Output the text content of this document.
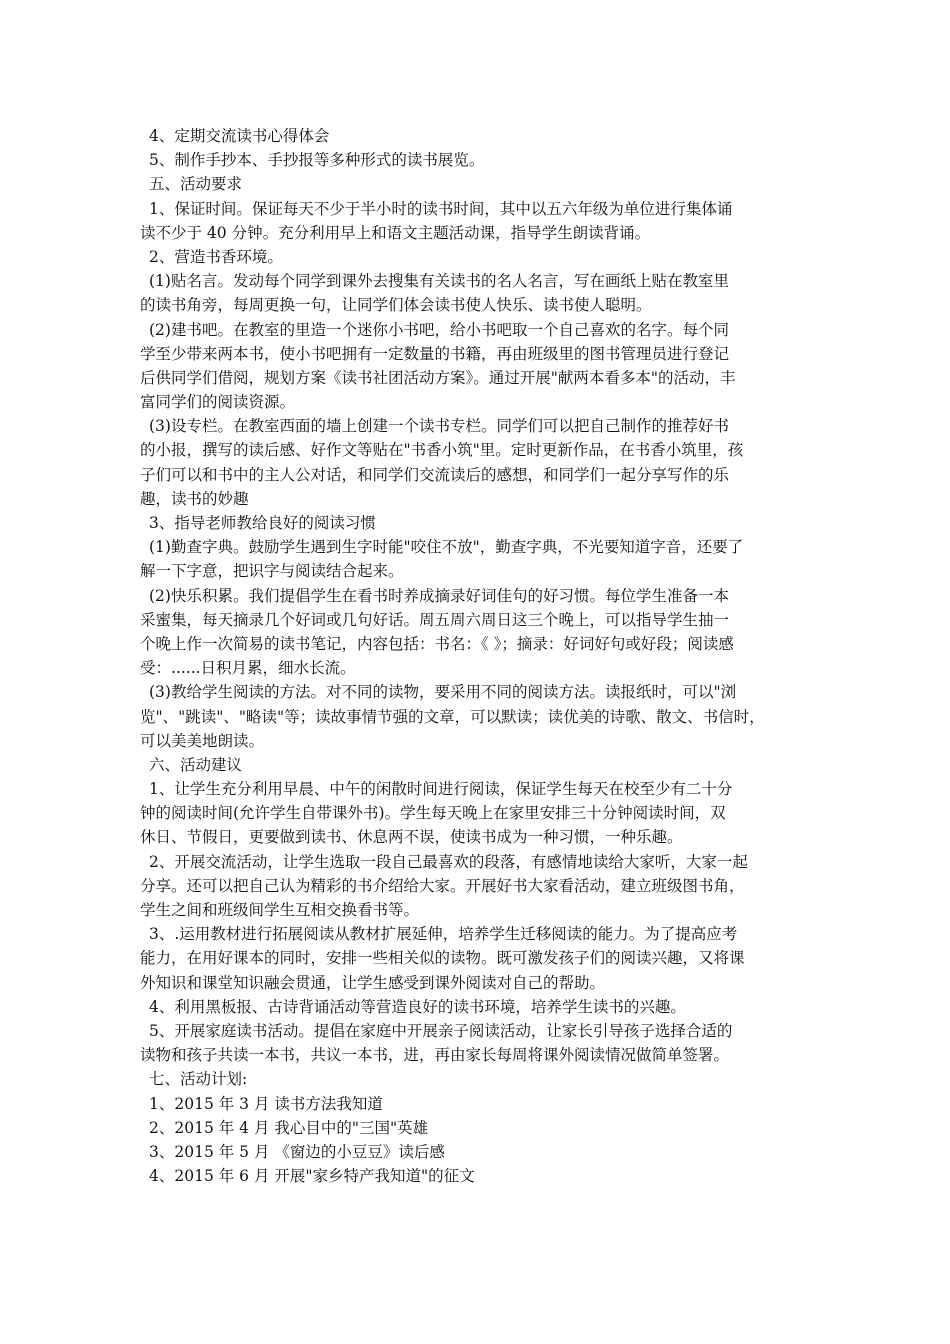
4、定期交流读书心得体会
5、制作手抄本、手抄报等多种形式的读书展览。
五、活动要求
1、保证时间。保证每天不少于半小时的读书时间，其中以五六年级为单位进行集体诵
读不少于 40 分钟。充分利用早上和语文主题活动课，指导学生朗读背诵。
2、营造书香环境。
(1)贴名言。发动每个同学到课外去搜集有关读书的名人名言，写在画纸上贴在教室里
的读书角旁，每周更换一句，让同学们体会读书使人快乐、读书使人聪明。
(2)建书吧。在教室的里造一个迷你小书吧，给小书吧取一个自己喜欢的名字。每个同
学至少带来两本书，使小书吧拥有一定数量的书籍，再由班级里的图书管理员进行登记
后供同学们借阅，规划方案《读书社团活动方案》。通过开展"献两本看多本"的活动，丰
富同学们的阅读资源。
(3)设专栏。在教室西面的墙上创建一个读书专栏。同学们可以把自己制作的推荐好书
的小报，撰写的读后感、好作文等贴在"书香小筑"里。定时更新作品，在书香小筑里，孩
子们可以和书中的主人公对话，和同学们交流读后的感想，和同学们一起分享写作的乐
趣，读书的妙趣
3、指导老师教给良好的阅读习惯
(1)勤查字典。鼓励学生遇到生字时能"咬住不放"，勤查字典，不光要知道字音，还要了
解一下字意，把识字与阅读结合起来。
(2)快乐积累。我们提倡学生在看书时养成摘录好词佳句的好习惯。每位学生准备一本
采蜜集，每天摘录几个好词或几句好话。周五周六周日这三个晚上，可以指导学生抽一
个晚上作一次简易的读书笔记，内容包括：书名：《 》；摘录：好词好句或好段；阅读感
受：......日积月累，细水长流。
(3)教给学生阅读的方法。对不同的读物，要采用不同的阅读方法。读报纸时，可以"浏
览"、"跳读"、"略读"等；读故事情节强的文章，可以默读；读优美的诗歌、散文、书信时，
可以美美地朗读。
六、活动建议
1、让学生充分利用早晨、中午的闲散时间进行阅读，保证学生每天在校至少有二十分
钟的阅读时间(允许学生自带课外书)。学生每天晚上在家里安排三十分钟阅读时间，双
休日、节假日，更要做到读书、休息两不误，使读书成为一种习惯，一种乐趣。
2、开展交流活动，让学生选取一段自己最喜欢的段落，有感情地读给大家听，大家一起
分享。还可以把自己认为精彩的书介绍给大家。开展好书大家看活动，建立班级图书角，
学生之间和班级间学生互相交换看书等。
3、.运用教材进行拓展阅读从教材扩展延伸，培养学生迁移阅读的能力。为了提高应考
能力，在用好课本的同时，安排一些相关似的读物。既可激发孩子们的阅读兴趣，又将课
外知识和课堂知识融会贯通，让学生感受到课外阅读对自己的帮助。
4、利用黑板报、古诗背诵活动等营造良好的读书环境，培养学生读书的兴趣。
5、开展家庭读书活动。提倡在家庭中开展亲子阅读活动，让家长引导孩子选择合适的
读物和孩子共读一本书，共议一本书，进，再由家长每周将课外阅读情况做简单签署。
七、活动计划:
1、2015 年 3 月 读书方法我知道
2、2015 年 4 月 我心目中的"三国"英雄
3、2015 年 5 月 《窗边的小豆豆》读后感
4、2015 年 6 月 开展"家乡特产我知道"的征文
